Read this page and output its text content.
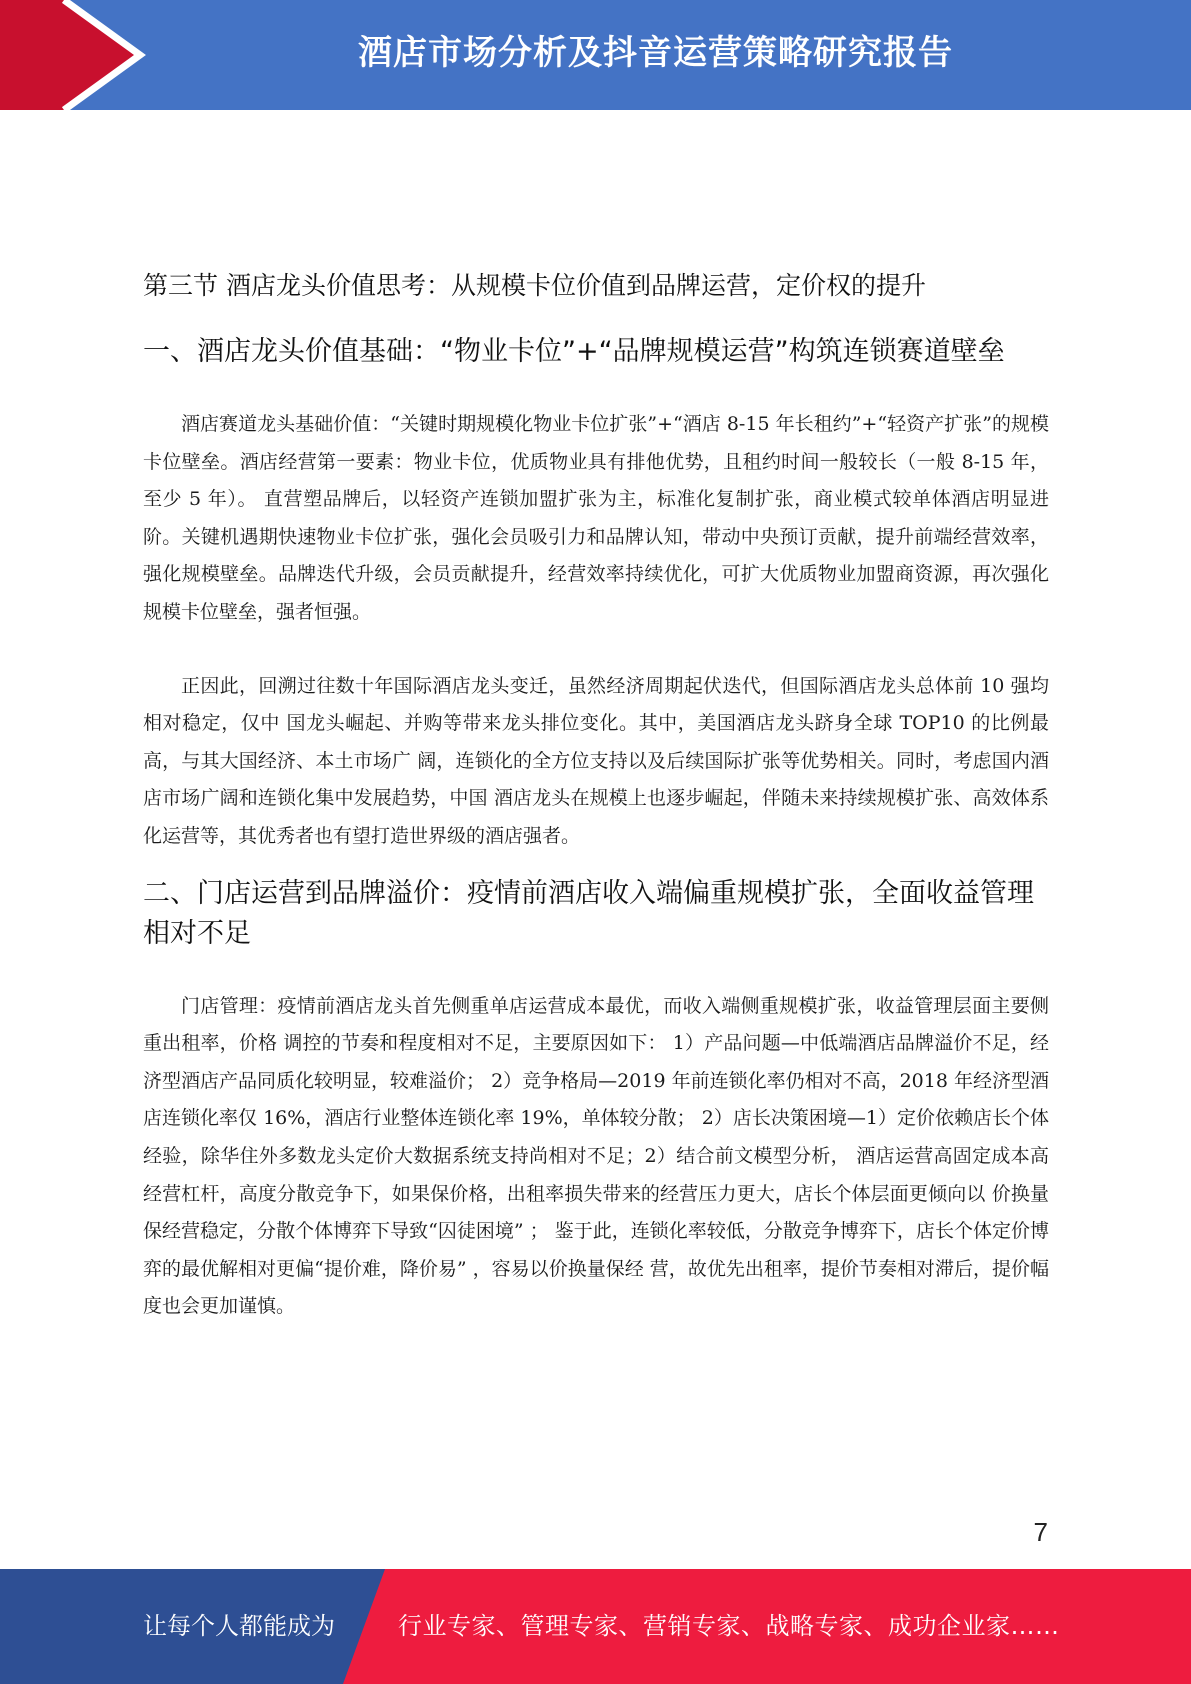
酒店市场分析及抖音运营策略研究报告
第三节 酒店龙头价值思考：从规模卡位价值到品牌运营，定价权的提升
一、酒店龙头价值基础：“物业卡位”+“品牌规模运营”构筑连锁赛道壁垒

酒店赛道龙头基础价值：“关键时期规模化物业卡位扩张”+“酒店 8-15 年长租约”+“轻资产扩张”的规模卡位壁垒。酒店经营第一要素：物业卡位，优质物业具有排他优势，且租约时间一般较长（一般 8-15 年，至少 5 年）。 直营塑品牌后，以轻资产连锁加盟扩张为主，标准化复制扩张，商业模式较单体酒店明显进阶。关键机遇期快速物业卡位扩张，强化会员吸引力和品牌认知，带动中央预订贡献，提升前端经营效率，强化规模壁垒。品牌迭代升级，会员贡献提升，经营效率持续优化，可扩大优质物业加盟商资源，再次强化规模卡位壁垒，强者恒强。

正因此，回溯过往数十年国际酒店龙头变迁，虽然经济周期起伏迭代，但国际酒店龙头总体前 10 强均相对稳定，仅中 国龙头崛起、并购等带来龙头排位变化。其中，美国酒店龙头跻身全球 TOP10 的比例最高，与其大国经济、本土市场广 阔，连锁化的全方位支持以及后续国际扩张等优势相关。同时，考虑国内酒店市场广阔和连锁化集中发展趋势，中国 酒店龙头在规模上也逐步崛起，伴随未来持续规模扩张、高效体系化运营等，其优秀者也有望打造世界级的酒店强者。

二、门店运营到品牌溢价：疫情前酒店收入端偏重规模扩张，全面收益管理相对不足

门店管理：疫情前酒店龙头首先侧重单店运营成本最优，而收入端侧重规模扩张，收益管理层面主要侧重出租率，价格 调控的节奏和程度相对不足，主要原因如下： 1）产品问题—中低端酒店品牌溢价不足，经济型酒店产品同质化较明显，较难溢价； 2）竞争格局—2019 年前连锁化率仍相对不高，2018 年经济型酒店连锁化率仅 16%，酒店行业整体连锁化率 19%，单体较分散； 2）店长决策困境—1）定价依赖店长个体经验，除华住外多数龙头定价大数据系统支持尚相对不足；2）结合前文模型分析， 酒店运营高固定成本高经营杠杆，高度分散竞争下，如果保价格，出租率损失带来的经营压力更大，店长个体层面更倾向以 价换量保经营稳定，分散个体博弈下导致“囚徒困境” ； 鉴于此，连锁化率较低，分散竞争博弈下，店长个体定价博弈的最优解相对更偏“提价难，降价易” ，容易以价换量保经 营，故优先出租率，提价节奏相对滞后，提价幅度也会更加谨慎。

7
让每个人都能成为	行业专家、管理专家、营销专家、战略专家、成功企业家……
